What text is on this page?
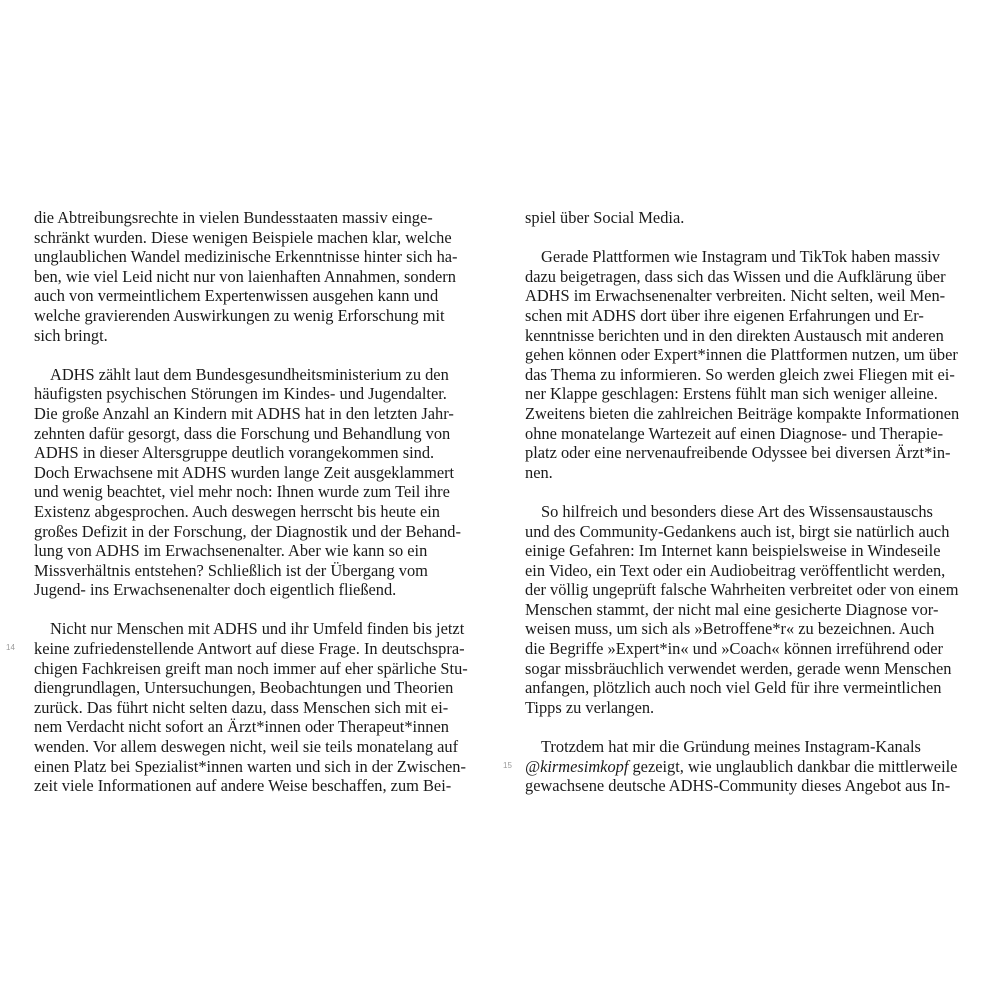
die Abtreibungsrechte in vielen Bundesstaaten massiv einge-
schränkt wurden. Diese wenigen Beispiele machen klar, welche
unglaublichen Wandel medizinische Erkenntnisse hinter sich ha-
ben, wie viel Leid nicht nur von laienhaften Annahmen, sondern
auch von vermeintlichem Expertenwissen ausgehen kann und
welche gravierenden Auswirkungen zu wenig Erforschung mit
sich bringt.

ADHS zählt laut dem Bundesgesundheitsministerium zu den
häufigsten psychischen Störungen im Kindes- und Jugendalter.
Die große Anzahl an Kindern mit ADHS hat in den letzten Jahr-
zehnten dafür gesorgt, dass die Forschung und Behandlung von
ADHS in dieser Altersgruppe deutlich vorangekommen sind.
Doch Erwachsene mit ADHS wurden lange Zeit ausgeklammert
und wenig beachtet, viel mehr noch: Ihnen wurde zum Teil ihre
Existenz abgesprochen. Auch deswegen herrscht bis heute ein
großes Defizit in der Forschung, der Diagnostik und der Behand-
lung von ADHS im Erwachsenenalter. Aber wie kann so ein
Missverhältnis entstehen? Schließlich ist der Übergang vom
Jugend- ins Erwachsenenalter doch eigentlich fließend.

14

Nicht nur Menschen mit ADHS und ihr Umfeld finden bis jetzt
keine zufriedenstellende Antwort auf diese Frage. In deutschspra-
chigen Fachkreisen greift man noch immer auf eher spärliche Stu-
diengrundlagen, Untersuchungen, Beobachtungen und Theorien
zurück. Das führt nicht selten dazu, dass Menschen sich mit ei-
nem Verdacht nicht sofort an Ärzt*innen oder Therapeut*innen
wenden. Vor allem deswegen nicht, weil sie teils monatelang auf
einen Platz bei Spezialist*innen warten und sich in der Zwischen-
zeit viele Informationen auf andere Weise beschaffen, zum Bei-

spiel über Social Media.

Gerade Plattformen wie Instagram und TikTok haben massiv
dazu beigetragen, dass sich das Wissen und die Aufklärung über
ADHS im Erwachsenenalter verbreiten. Nicht selten, weil Men-
schen mit ADHS dort über ihre eigenen Erfahrungen und Er-
kenntnisse berichten und in den direkten Austausch mit anderen
gehen können oder Expert*innen die Plattformen nutzen, um über
das Thema zu informieren. So werden gleich zwei Fliegen mit ei-
ner Klappe geschlagen: Erstens fühlt man sich weniger alleine.
Zweitens bieten die zahlreichen Beiträge kompakte Informationen
ohne monatelange Wartezeit auf einen Diagnose- und Therapie-
platz oder eine nervenaufreibende Odyssee bei diversen Ärzt*in-
nen.

So hilfreich und besonders diese Art des Wissensaustauschs
und des Community-Gedankens auch ist, birgt sie natürlich auch
einige Gefahren: Im Internet kann beispielsweise in Windeseile
ein Video, ein Text oder ein Audiobeitrag veröffentlicht werden,
der völlig ungeprüft falsche Wahrheiten verbreitet oder von einem
Menschen stammt, der nicht mal eine gesicherte Diagnose vor-
weisen muss, um sich als »Betroffene*r« zu bezeichnen. Auch
die Begriffe »Expert*in« und »Coach« können irreführend oder
sogar missbräuchlich verwendet werden, gerade wenn Menschen
anfangen, plötzlich auch noch viel Geld für ihre vermeintlichen
Tipps zu verlangen.

15

Trotzdem hat mir die Gründung meines Instagram-Kanals
@kirmesimkopf gezeigt, wie unglaublich dankbar die mittlerweile
gewachsene deutsche ADHS-Community dieses Angebot aus In-
